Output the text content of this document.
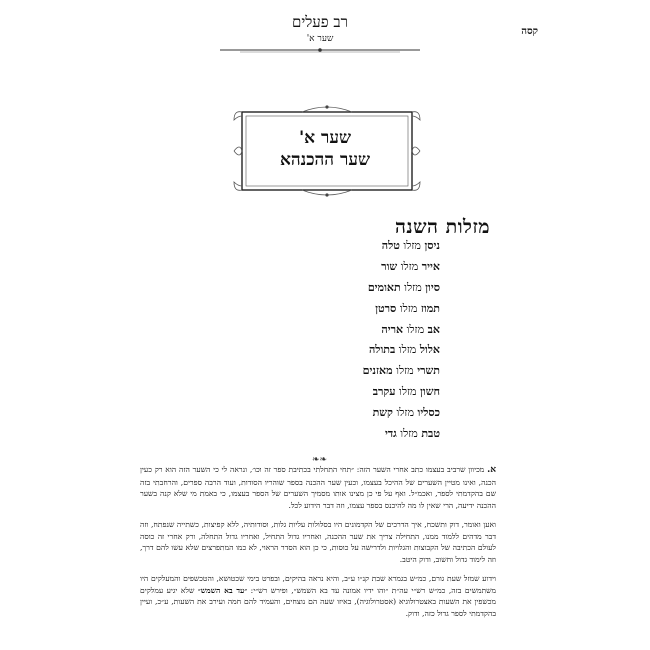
רב פעלים
שער א'
קסה
שער א'
שער ההכנהא
מזלות השנה
ניסן מזלו טלה
אייר מזלו שור
סיון מזלו תאומים
תמוז מזלו סרטן
אב מזלו אריה
אלול מזלו בתולה
תשרי מזלו מאזנים
חשון מזלו עקרב
כסליו מזלו קשת
טבת מזלו גדי
❧❧

א. מכיוון שרביב בעצמו כתב אחרי השער הזה: ״תחי התחלתי בכתיבת ספר זה וכו׳, ונראה לי כי השער הזה הוא רק כעין הכנה, ואינו מטיין השערים של ההיכל בעצמו, וכעין שער ההכנה בספר שוהריו הסודות, ועוד הרבה ספרים, והרחבתי בזה שם בהקדמתי לספר, ואכמ״ל. ואף על פי כן מצינו אותו מסמיך השערים של הספר בעצמו, כי באמת מי שלא קנה בשער ההכנה ידיעה, הרי שאין לו מה להיכנס בספר עצמו, וזה דבר הידוע לכל.

ואען ואומר, דוק ותשכח, איך הדרכים של הקדמונים היו בסלולות עליות גלות, וסודותיה, ללא קפיצות, כשתייה שנפתח, וזה דבר מדהים ללמוד ממנו, התחילה צריך את שער ההכנה, ואחריו גדול התחיל, ואחריו גדול התחלה, ורק אחרי זה כוסה לעולם הכתיבה של הקבוצות והגלויות ולדרישה על כוסות, כי כן הוא הסדר הראוי, לא כמו המתפרצים שלא עשו להם דרך, וזה לימוד גדול וחשוב, ודוק היטב.

וידוע שמזל שעת גורם, כמ״ש בגמרא שבת קנ״ו ע״ב, והיא נראה בהיקים, ובפרט בימי שכטושא, והטכשפים והמעלקים היו משתמשים בזה, כמ״ש רש״י עה״ת ״והו ידיו אמונה עד בא השמש״, ופירש רש״י: ״עד בא השמש״ שלא יגיע עמלקים מכשפין את השעות באצטרולוגיא (אסטרולוגיה), באיזו שעה הם נוצחים, והעמיד להם חמה ועירב את השעות, ע״כ, ועיין בהקדמתי לספר גדול כזה, ודוק.
